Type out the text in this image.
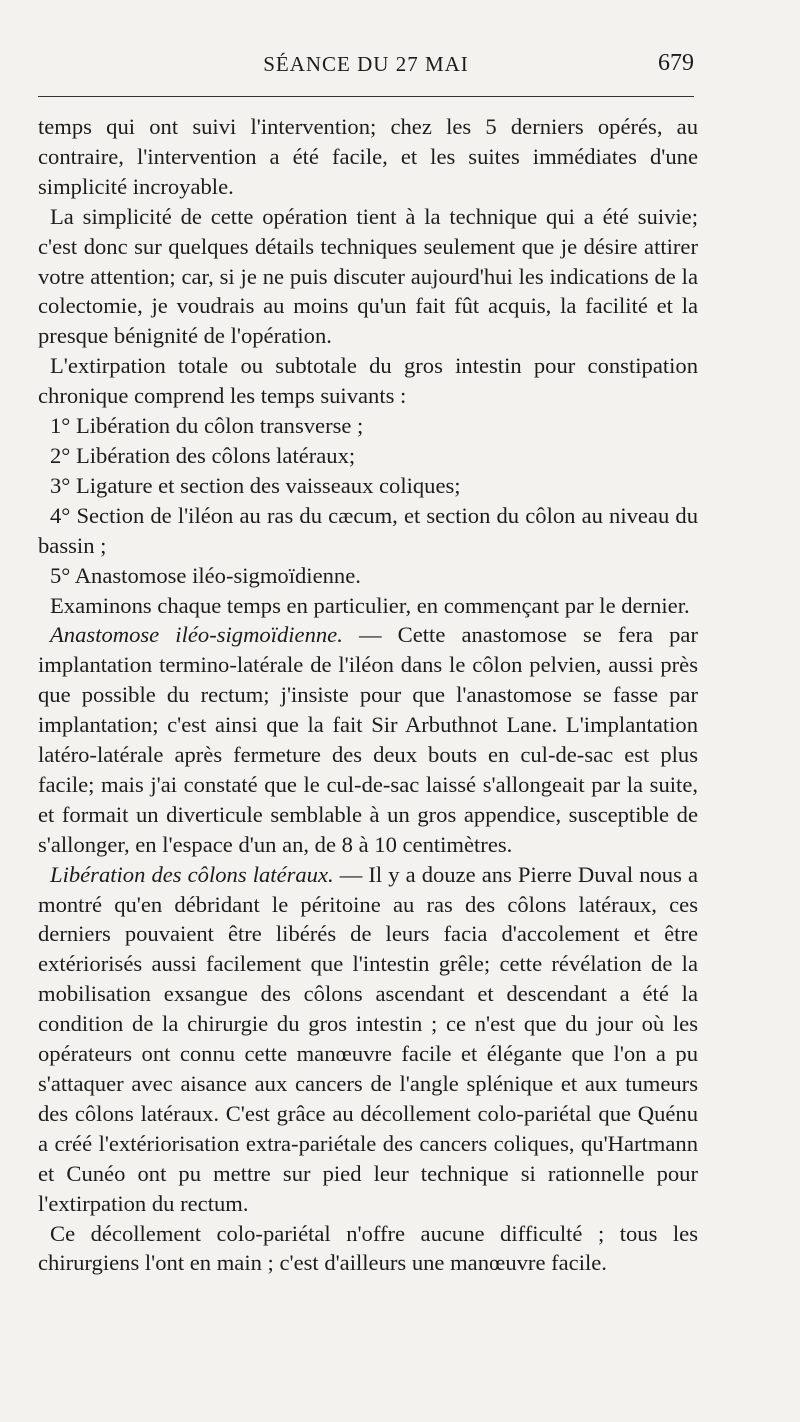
SÉANCE DU 27 MAI	679

temps qui ont suivi l'intervention; chez les 5 derniers opérés, au contraire, l'intervention a été facile, et les suites immédiates d'une simplicité incroyable.

La simplicité de cette opération tient à la technique qui a été suivie; c'est donc sur quelques détails techniques seulement que je désire attirer votre attention; car, si je ne puis discuter aujourd'hui les indications de la colectomie, je voudrais au moins qu'un fait fût acquis, la facilité et la presque bénignité de l'opération.

L'extirpation totale ou subtotale du gros intestin pour constipation chronique comprend les temps suivants :

1° Libération du côlon transverse ;

2° Libération des côlons latéraux;

3° Ligature et section des vaisseaux coliques;

4° Section de l'iléon au ras du cæcum, et section du côlon au niveau du bassin ;

5° Anastomose iléo-sigmoïdienne.

Examinons chaque temps en particulier, en commençant par le dernier.

Anastomose iléo-sigmoïdienne. — Cette anastomose se fera par implantation termino-latérale de l'iléon dans le côlon pelvien, aussi près que possible du rectum; j'insiste pour que l'anastomose se fasse par implantation; c'est ainsi que la fait Sir Arbuthnot Lane. L'implantation latéro-latérale après fermeture des deux bouts en cul-de-sac est plus facile; mais j'ai constaté que le cul-de-sac laissé s'allongeait par la suite, et formait un diverticule semblable à un gros appendice, susceptible de s'allonger, en l'espace d'un an, de 8 à 10 centimètres.

Libération des côlons latéraux. — Il y a douze ans Pierre Duval nous a montré qu'en débridant le péritoine au ras des côlons latéraux, ces derniers pouvaient être libérés de leurs facia d'accolement et être extériorisés aussi facilement que l'intestin grêle; cette révélation de la mobilisation exsangue des côlons ascendant et descendant a été la condition de la chirurgie du gros intestin ; ce n'est que du jour où les opérateurs ont connu cette manœuvre facile et élégante que l'on a pu s'attaquer avec aisance aux cancers de l'angle splénique et aux tumeurs des côlons latéraux. C'est grâce au décollement colo-pariétal que Quénu a créé l'extériorisation extra-pariétale des cancers coliques, qu'Hartmann et Cunéo ont pu mettre sur pied leur technique si rationnelle pour l'extirpation du rectum.

Ce décollement colo-pariétal n'offre aucune difficulté ; tous les chirurgiens l'ont en main ; c'est d'ailleurs une manœuvre facile.
